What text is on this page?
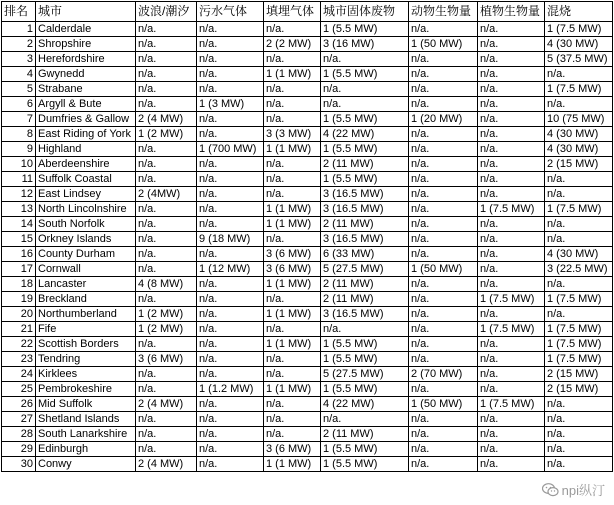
排名	城市	波浪/潮汐	污水气体	填埋气体	城市固体废物	动物生物量	植物生物量	混烧
1	Calderdale	n/a.	n/a.	n/a.	1 (5.5 MW)	n/a.	n/a.	1 (7.5 MW)
2	Shropshire	n/a.	n/a.	2 (2 MW)	3 (16 MW)	1 (50 MW)	n/a.	4 (30 MW)
3	Herefordshire	n/a.	n/a.	n/a.	n/a.	n/a.	n/a.	5 (37.5 MW)
4	Gwynedd	n/a.	n/a.	1 (1 MW)	1 (5.5 MW)	n/a.	n/a.	n/a.
5	Strabane	n/a.	n/a.	n/a.	n/a.	n/a.	n/a.	1 (7.5 MW)
6	Argyll & Bute	n/a.	1 (3 MW)	n/a.	n/a.	n/a.	n/a.	n/a.
7	Dumfries & Gallow	2 (4 MW)	n/a.	n/a.	1 (5.5 MW)	1 (20 MW)	n/a.	10 (75 MW)
8	East Riding of York	1 (2 MW)	n/a.	3 (3 MW)	4 (22 MW)	n/a.	n/a.	4 (30 MW)
9	Highland	n/a.	1 (700 MW)	1 (1 MW)	1 (5.5 MW)	n/a.	n/a.	4 (30 MW)
10	Aberdeenshire	n/a.	n/a.	n/a.	2 (11 MW)	n/a.	n/a.	2 (15 MW)
11	Suffolk Coastal	n/a.	n/a.	n/a.	1 (5.5 MW)	n/a.	n/a.	n/a.
12	East Lindsey	2 (4MW)	n/a.	n/a.	3 (16.5 MW)	n/a.	n/a.	n/a.
13	North Lincolnshire	n/a.	n/a.	1 (1 MW)	3 (16.5 MW)	n/a.	1 (7.5 MW)	1 (7.5 MW)
14	South Norfolk	n/a.	n/a.	1 (1 MW)	2 (11 MW)	n/a.	n/a.	n/a.
15	Orkney Islands	n/a.	9 (18 MW)	n/a.	3 (16.5 MW)	n/a.	n/a.	n/a.
16	County Durham	n/a.	n/a.	3 (6 MW)	6 (33 MW)	n/a.	n/a.	4 (30 MW)
17	Cornwall	n/a.	1 (12 MW)	3 (6 MW)	5 (27.5 MW)	1 (50 MW)	n/a.	3 (22.5 MW)
18	Lancaster	4 (8 MW)	n/a.	1 (1 MW)	2 (11 MW)	n/a.	n/a.	n/a.
19	Breckland	n/a.	n/a.	n/a.	2 (11 MW)	n/a.	1 (7.5 MW)	1 (7.5 MW)
20	Northumberland	1 (2 MW)	n/a.	1 (1 MW)	3 (16.5 MW)	n/a.	n/a.	n/a.
21	Fife	1 (2 MW)	n/a.	n/a.	n/a.	n/a.	1 (7.5 MW)	1 (7.5 MW)
22	Scottish Borders	n/a.	n/a.	1 (1 MW)	1 (5.5 MW)	n/a.	n/a.	1 (7.5 MW)
23	Tendring	3 (6 MW)	n/a.	n/a.	1 (5.5 MW)	n/a.	n/a.	1 (7.5 MW)
24	Kirklees	n/a.	n/a.	n/a.	5 (27.5 MW)	2 (70 MW)	n/a.	2 (15 MW)
25	Pembrokeshire	n/a.	1 (1.2 MW)	1 (1 MW)	1 (5.5 MW)	n/a.	n/a.	2 (15 MW)
26	Mid Suffolk	2 (4 MW)	n/a.	n/a.	4 (22 MW)	1 (50 MW)	1 (7.5 MW)	n/a.
27	Shetland Islands	n/a.	n/a.	n/a.	n/a.	n/a.	n/a.	n/a.
28	South Lanarkshire	n/a.	n/a.	n/a.	2 (11 MW)	n/a.	n/a.	n/a.
29	Edinburgh	n/a.	n/a.	3 (6 MW)	1 (5.5 MW)	n/a.	n/a.	n/a.
30	Conwy	2 (4 MW)	n/a.	1 (1 MW)	1 (5.5 MW)	n/a.	n/a.	n/a.
npi纵汀
